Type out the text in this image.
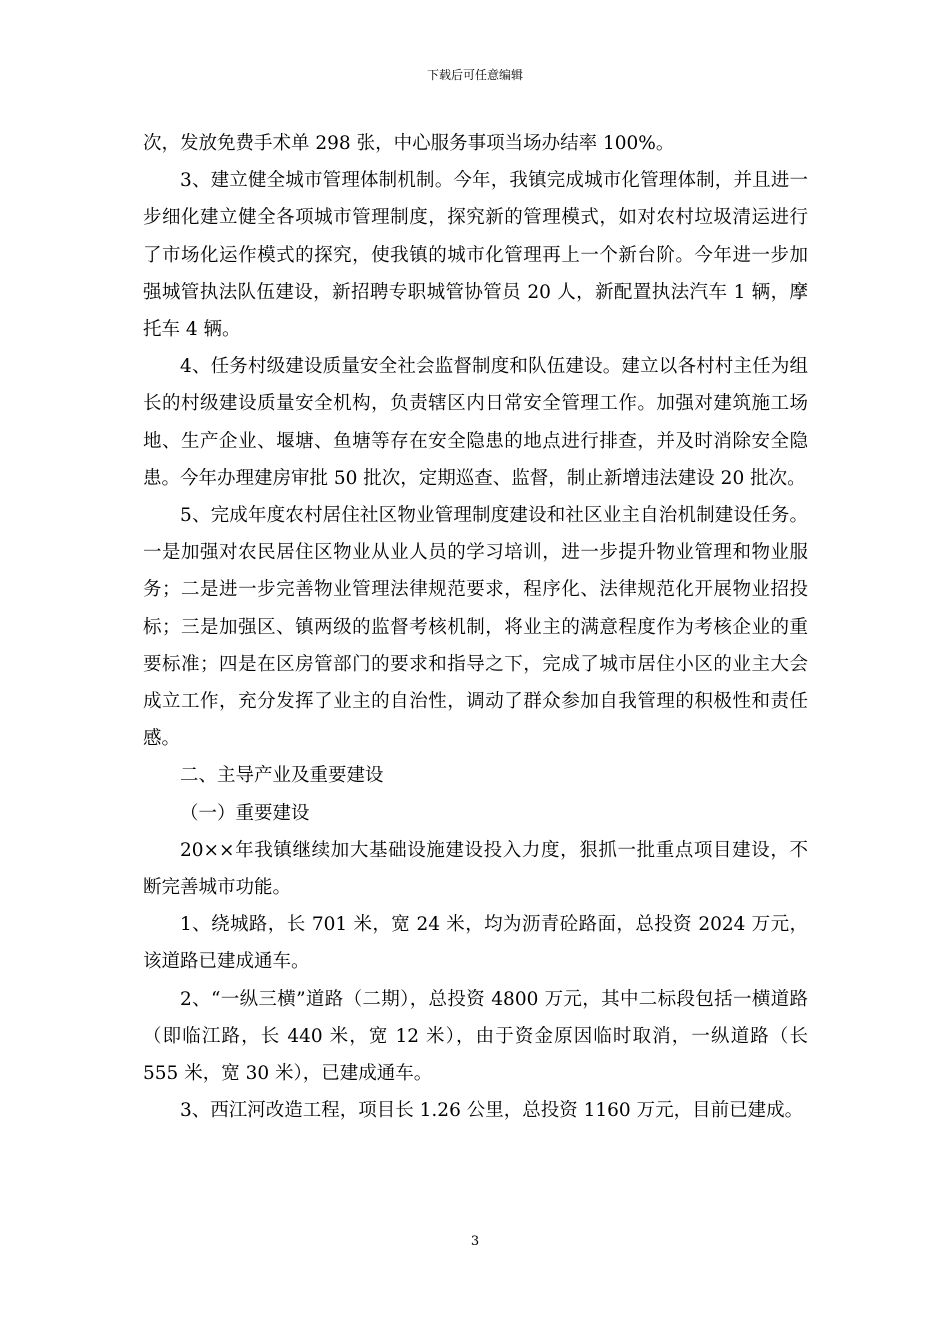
下载后可任意编辑

次，发放免费手术单 298 张，中心服务事项当场办结率 100%。

3、建立健全城市管理体制机制。今年，我镇完成城市化管理体制，并且进一步细化建立健全各项城市管理制度，探究新的管理模式，如对农村垃圾清运进行了市场化运作模式的探究，使我镇的城市化管理再上一个新台阶。今年进一步加强城管执法队伍建设，新招聘专职城管协管员 20 人，新配置执法汽车 1 辆，摩托车 4 辆。

4、任务村级建设质量安全社会监督制度和队伍建设。建立以各村村主任为组长的村级建设质量安全机构，负责辖区内日常安全管理工作。加强对建筑施工场地、生产企业、堰塘、鱼塘等存在安全隐患的地点进行排查，并及时消除安全隐患。今年办理建房审批 50 批次，定期巡查、监督，制止新增违法建设 20 批次。

5、完成年度农村居住社区物业管理制度建设和社区业主自治机制建设任务。一是加强对农民居住区物业从业人员的学习培训，进一步提升物业管理和物业服务；二是进一步完善物业管理法律规范要求，程序化、法律规范化开展物业招投标；三是加强区、镇两级的监督考核机制，将业主的满意程度作为考核企业的重要标准；四是在区房管部门的要求和指导之下，完成了城市居住小区的业主大会成立工作，充分发挥了业主的自治性，调动了群众参加自我管理的积极性和责任感。

二、主导产业及重要建设

（一）重要建设

20××年我镇继续加大基础设施建设投入力度，狠抓一批重点项目建设，不断完善城市功能。

1、绕城路，长 701 米，宽 24 米，均为沥青砼路面，总投资 2024 万元，该道路已建成通车。

2、“一纵三横”道路（二期），总投资 4800 万元，其中二标段包括一横道路（即临江路，长 440 米，宽 12 米），由于资金原因临时取消，一纵道路（长 555 米，宽 30 米），已建成通车。

3、西江河改造工程，项目长 1.26 公里，总投资 1160 万元，目前已建成。

3
